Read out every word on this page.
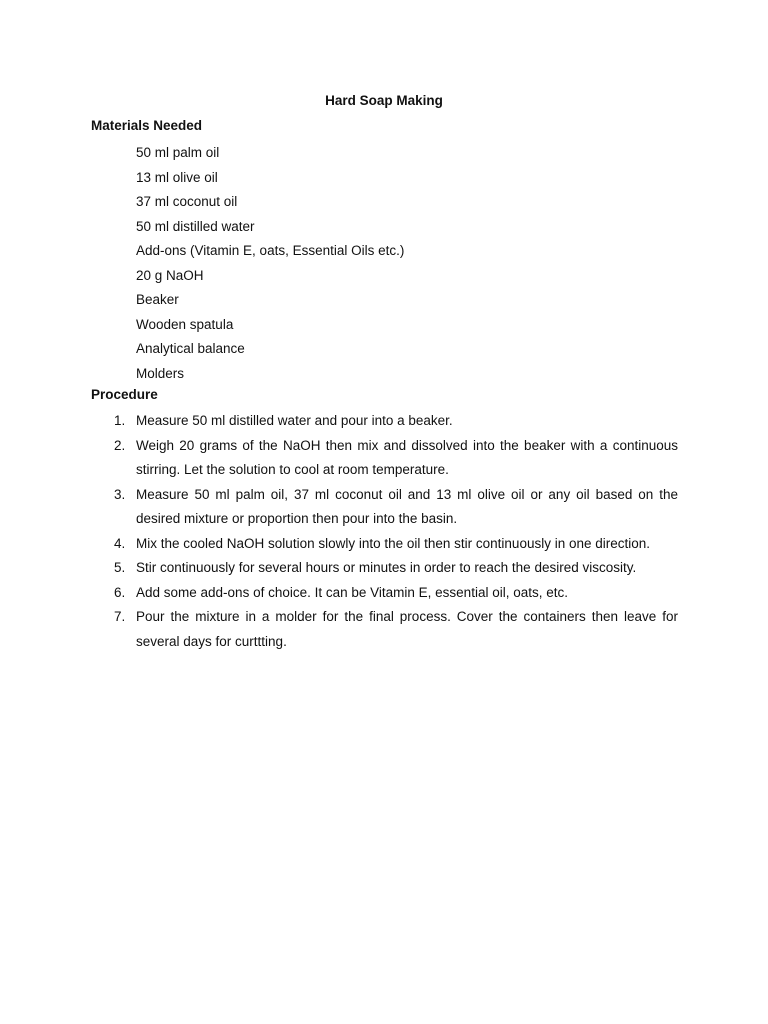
Hard Soap Making
Materials Needed
50 ml palm oil
13 ml olive oil
37 ml coconut oil
50 ml distilled water
Add-ons (Vitamin E, oats, Essential Oils etc.)
20 g NaOH
Beaker
Wooden spatula
Analytical balance
Molders
Procedure
1. Measure 50 ml distilled water and pour into a beaker.
2. Weigh 20 grams of the NaOH then mix and dissolved into the beaker with a continuous stirring. Let the solution to cool at room temperature.
3. Measure 50 ml palm oil, 37 ml coconut oil and 13 ml olive oil or any oil based on the desired mixture or proportion then pour into the basin.
4. Mix the cooled NaOH solution slowly into the oil then stir continuously in one direction.
5. Stir continuously for several hours or minutes in order to reach the desired viscosity.
6. Add some add-ons of choice. It can be Vitamin E, essential oil, oats, etc.
7. Pour the mixture in a molder for the final process. Cover the containers then leave for several days for curttting.
